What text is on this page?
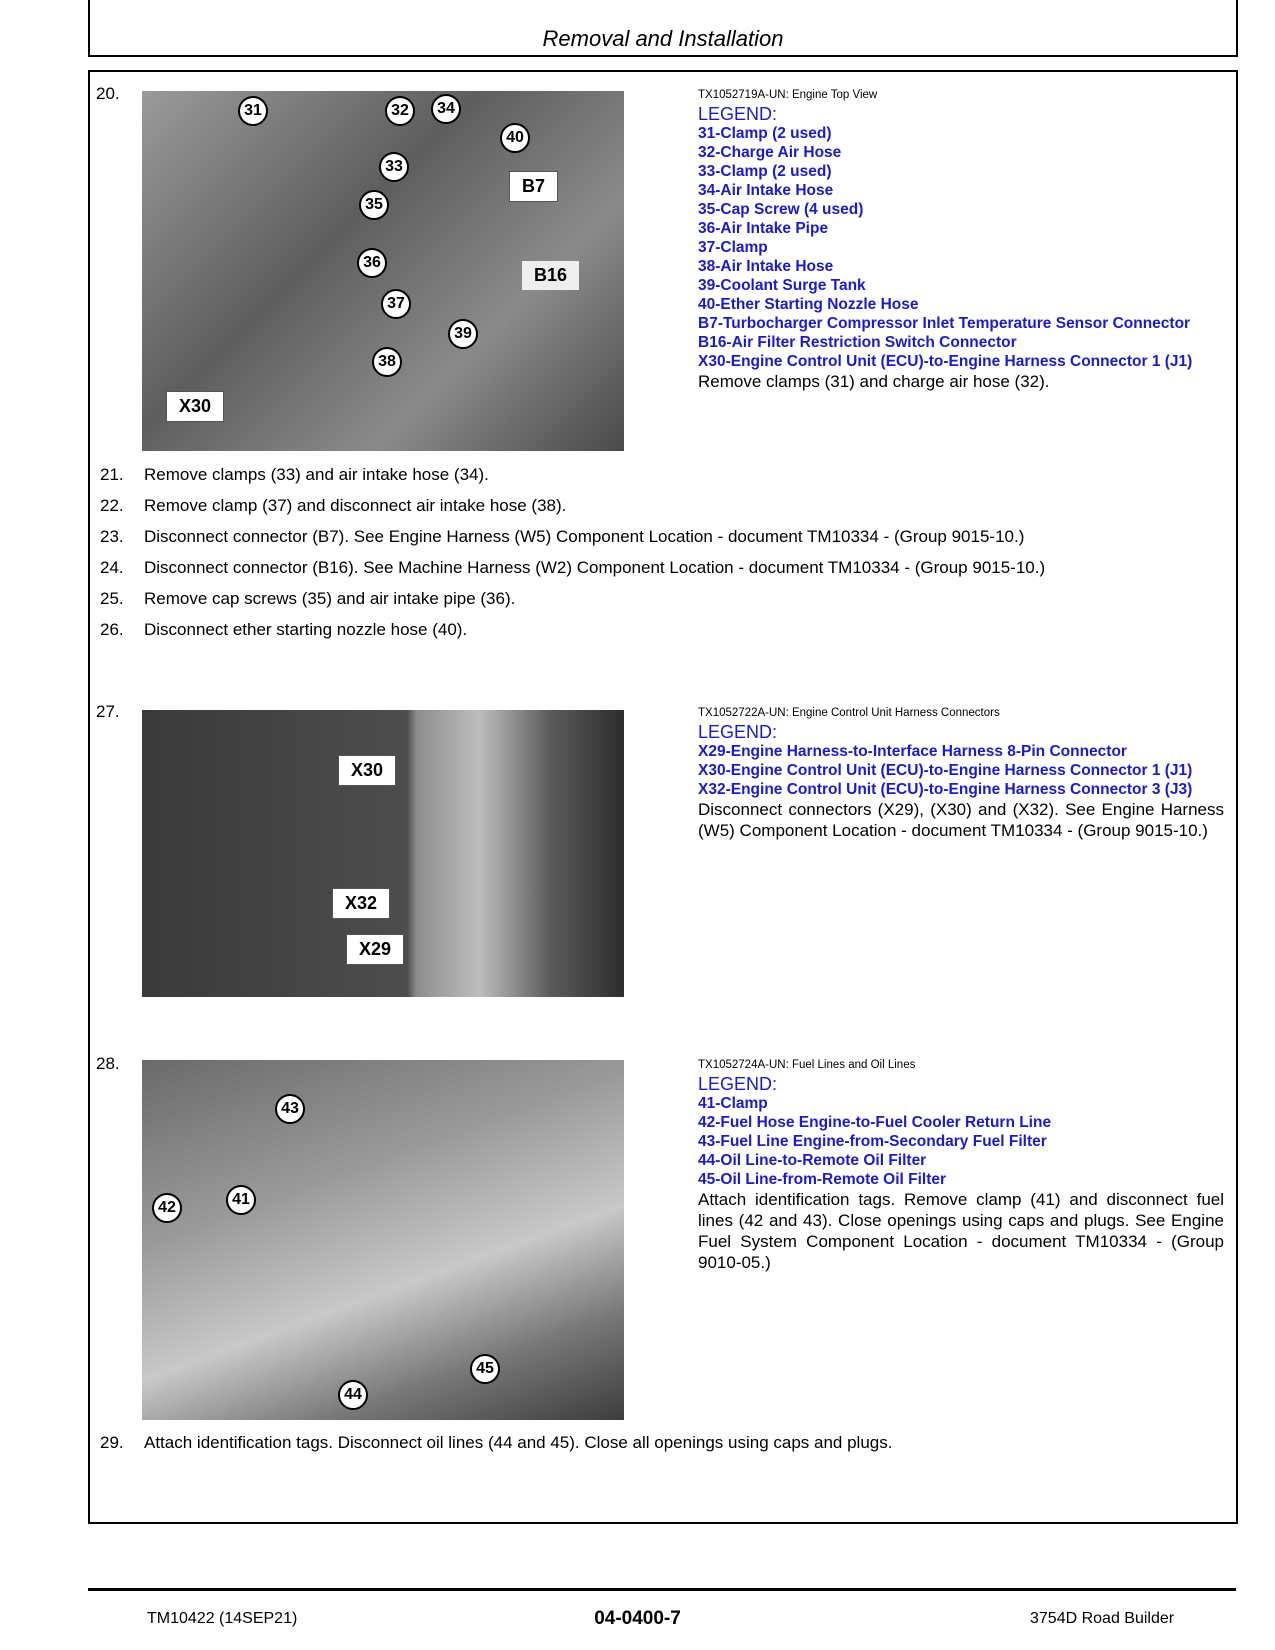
Removal and Installation
20.
31	32	34
33
40
35
36
37
39
38
B7
B16
X30
TX1052719A-UN: Engine Top View
LEGEND:
31-Clamp (2 used)
32-Charge Air Hose
33-Clamp (2 used)
34-Air Intake Hose
35-Cap Screw (4 used)
36-Air Intake Pipe
37-Clamp
38-Air Intake Hose
39-Coolant Surge Tank
40-Ether Starting Nozzle Hose
B7-Turbocharger Compressor Inlet Temperature Sensor Connector
B16-Air Filter Restriction Switch Connector
X30-Engine Control Unit (ECU)-to-Engine Harness Connector 1 (J1)
Remove clamps (31) and charge air hose (32).
21. Remove clamps (33) and air intake hose (34).
22. Remove clamp (37) and disconnect air intake hose (38).
23. Disconnect connector (B7). See Engine Harness (W5) Component Location - document TM10334 - (Group 9015-10.)
24. Disconnect connector (B16). See Machine Harness (W2) Component Location - document TM10334 - (Group 9015-10.)
25. Remove cap screws (35) and air intake pipe (36).
26. Disconnect ether starting nozzle hose (40).
27.
X30
X32
X29
TX1052722A-UN: Engine Control Unit Harness Connectors
LEGEND:
X29-Engine Harness-to-Interface Harness 8-Pin Connector
X30-Engine Control Unit (ECU)-to-Engine Harness Connector 1 (J1)
X32-Engine Control Unit (ECU)-to-Engine Harness Connector 3 (J3)
Disconnect connectors (X29), (X30) and (X32). See Engine Harness (W5) Component Location - document TM10334 - (Group 9015-10.)
28.
43
42	41
45
44
TX1052724A-UN: Fuel Lines and Oil Lines
LEGEND:
41-Clamp
42-Fuel Hose Engine-to-Fuel Cooler Return Line
43-Fuel Line Engine-from-Secondary Fuel Filter
44-Oil Line-to-Remote Oil Filter
45-Oil Line-from-Remote Oil Filter
Attach identification tags. Remove clamp (41) and disconnect fuel lines (42 and 43). Close openings using caps and plugs. See Engine Fuel System Component Location - document TM10334 - (Group 9010-05.)
29. Attach identification tags. Disconnect oil lines (44 and 45). Close all openings using caps and plugs.
TM10422 (14SEP21)	04-0400-7	3754D Road Builder
